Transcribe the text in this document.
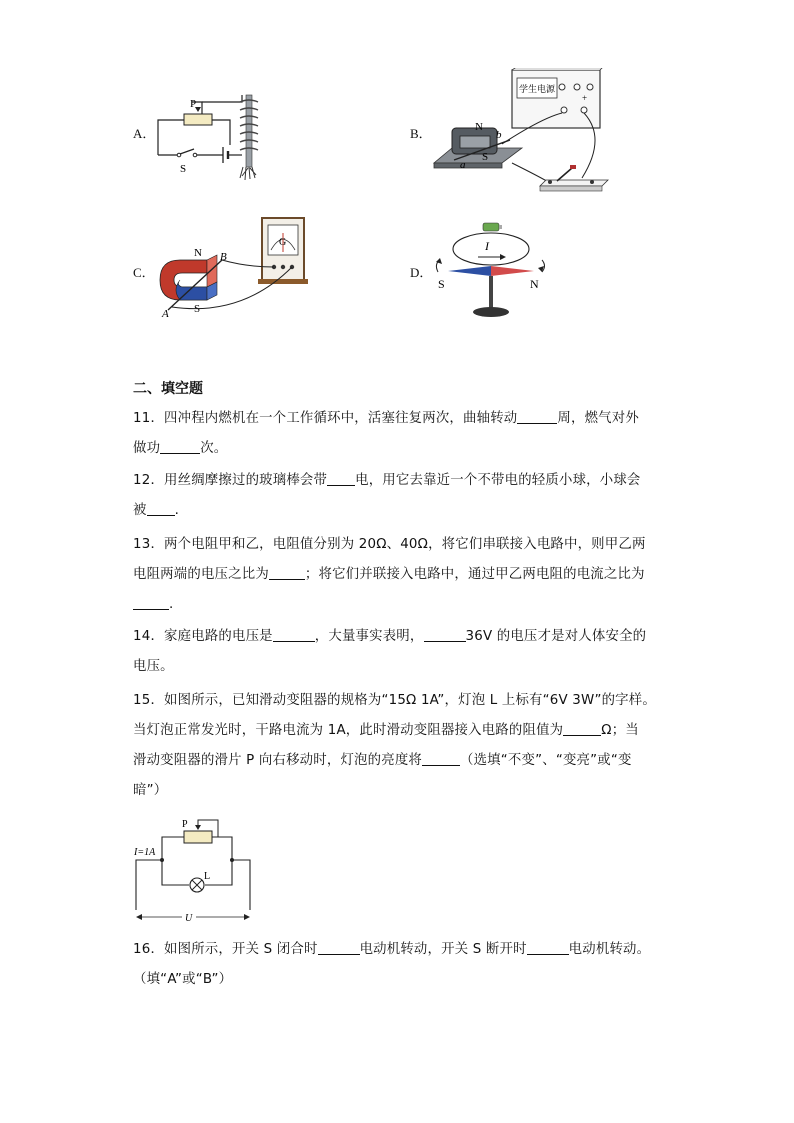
A．
P
S
B．
学生电源
+
N
S
a
b
C．
N
S
A
B
G
D．
I
S	N
二、填空题
11．四冲程内燃机在一个工作循环中，活塞往复两次，曲轴转动	周，燃气对外
做功	次。
12．用丝绸摩擦过的玻璃棒会带 电，用它去靠近一个不带电的轻质小球，小球会
被 .
13．两个电阻甲和乙，电阻值分别为 20Ω、40Ω，将它们串联接入电路中，则甲乙两
电阻两端的电压之比为	；将它们并联接入电路中，通过甲乙两电阻的电流之比为
.
14．家庭电路的电压是	，大量事实表明，	36V 的电压才是对人体安全的
电压。
15．如图所示，已知滑动变阻器的规格为“15Ω 1A”，灯泡 L 上标有“6V 3W”的字样。
当灯泡正常发光时，干路电流为 1A，此时滑动变阻器接入电路的阻值为	Ω；当
滑动变阻器的滑片 P 向右移动时，灯泡的亮度将	（选填“不变”、“变亮”或“变
暗”）
P
L
I=1A
U
16．如图所示，开关 S 闭合时	电动机转动，开关 S 断开时	电动机转动。
（填“A”或“B”）
